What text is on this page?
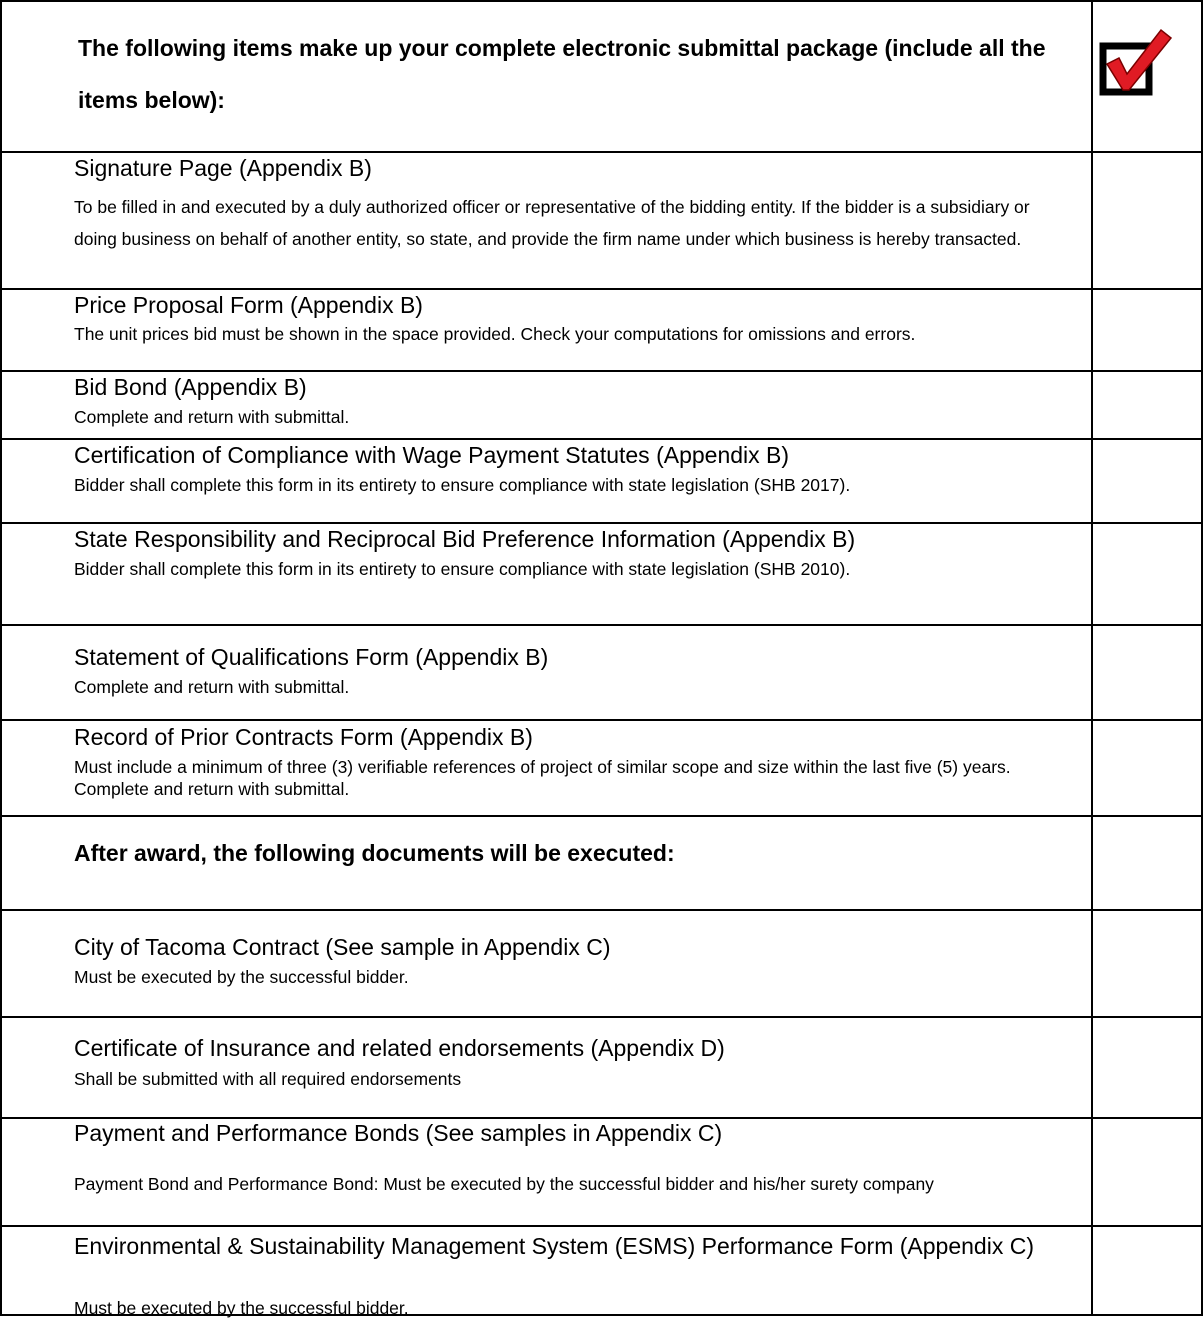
The following items make up your complete electronic submittal package (include all the items below):
Signature Page (Appendix B)
To be filled in and executed by a duly authorized officer or representative of the bidding entity. If the bidder is a subsidiary or doing business on behalf of another entity, so state, and provide the firm name under which business is hereby transacted.
Price Proposal Form (Appendix B)
The unit prices bid must be shown in the space provided. Check your computations for omissions and errors.
Bid Bond (Appendix B)
Complete and return with submittal.
Certification of Compliance with Wage Payment Statutes (Appendix B)
Bidder shall complete this form in its entirety to ensure compliance with state legislation (SHB 2017).
State Responsibility and Reciprocal Bid Preference Information (Appendix B)
Bidder shall complete this form in its entirety to ensure compliance with state legislation (SHB 2010).
Statement of Qualifications Form (Appendix B)
Complete and return with submittal.
Record of Prior Contracts Form (Appendix B)
Must include a minimum of three (3) verifiable references of project of similar scope and size within the last five (5) years. Complete and return with submittal.
After award, the following documents will be executed:
City of Tacoma Contract (See sample in Appendix C)
Must be executed by the successful bidder.
Certificate of Insurance and related endorsements (Appendix D)
Shall be submitted with all required endorsements
Payment and Performance Bonds (See samples in Appendix C)
Payment Bond and Performance Bond: Must be executed by the successful bidder and his/her surety company
Environmental & Sustainability Management System (ESMS) Performance Form (Appendix C)
Must be executed by the successful bidder.
